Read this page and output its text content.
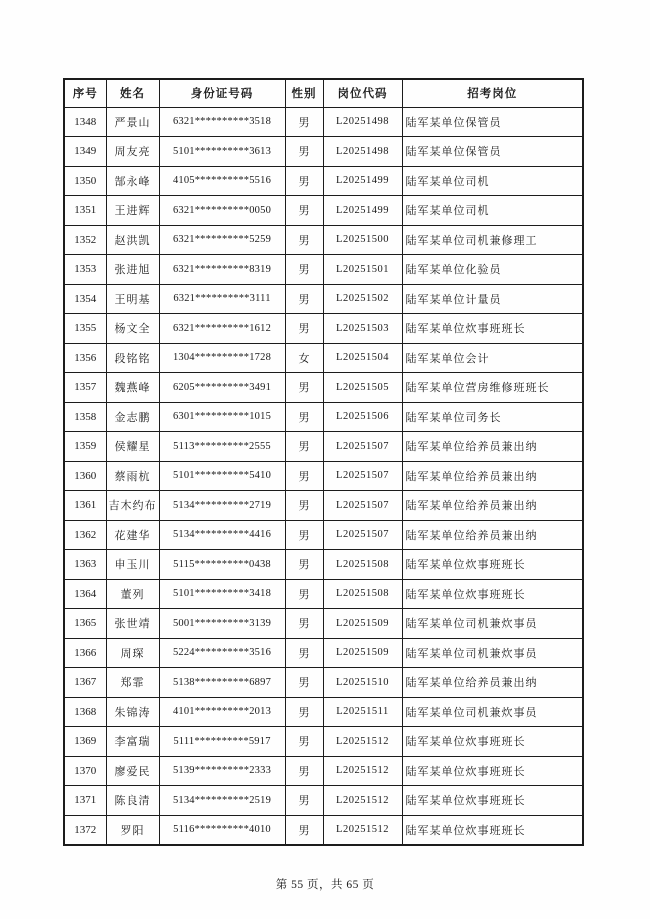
序号	姓名	身份证号码	性别	岗位代码	招考岗位
1348	严景山	6321**********3518	男	L20251498	陆军某单位保管员
1349	周友亮	5101**********3613	男	L20251498	陆军某单位保管员
1350	郜永峰	4105**********5516	男	L20251499	陆军某单位司机
1351	王进辉	6321**********0050	男	L20251499	陆军某单位司机
1352	赵洪凯	6321**********5259	男	L20251500	陆军某单位司机兼修理工
1353	张进旭	6321**********8319	男	L20251501	陆军某单位化验员
1354	王明基	6321**********3111	男	L20251502	陆军某单位计量员
1355	杨文全	6321**********1612	男	L20251503	陆军某单位炊事班班长
1356	段铭铭	1304**********1728	女	L20251504	陆军某单位会计
1357	魏燕峰	6205**********3491	男	L20251505	陆军某单位营房维修班班长
1358	金志鹏	6301**********1015	男	L20251506	陆军某单位司务长
1359	侯耀星	5113**********2555	男	L20251507	陆军某单位给养员兼出纳
1360	蔡雨杭	5101**********5410	男	L20251507	陆军某单位给养员兼出纳
1361	吉木约布	5134**********2719	男	L20251507	陆军某单位给养员兼出纳
1362	花建华	5134**********4416	男	L20251507	陆军某单位给养员兼出纳
1363	申玉川	5115**********0438	男	L20251508	陆军某单位炊事班班长
1364	董列	5101**********3418	男	L20251508	陆军某单位炊事班班长
1365	张世靖	5001**********3139	男	L20251509	陆军某单位司机兼炊事员
1366	周琛	5224**********3516	男	L20251509	陆军某单位司机兼炊事员
1367	郑霏	5138**********6897	男	L20251510	陆军某单位给养员兼出纳
1368	朱锦涛	4101**********2013	男	L20251511	陆军某单位司机兼炊事员
1369	李富瑞	5111**********5917	男	L20251512	陆军某单位炊事班班长
1370	廖爱民	5139**********2333	男	L20251512	陆军某单位炊事班班长
1371	陈良清	5134**********2519	男	L20251512	陆军某单位炊事班班长
1372	罗阳	5116**********4010	男	L20251512	陆军某单位炊事班班长
第 55 页，共 65 页
